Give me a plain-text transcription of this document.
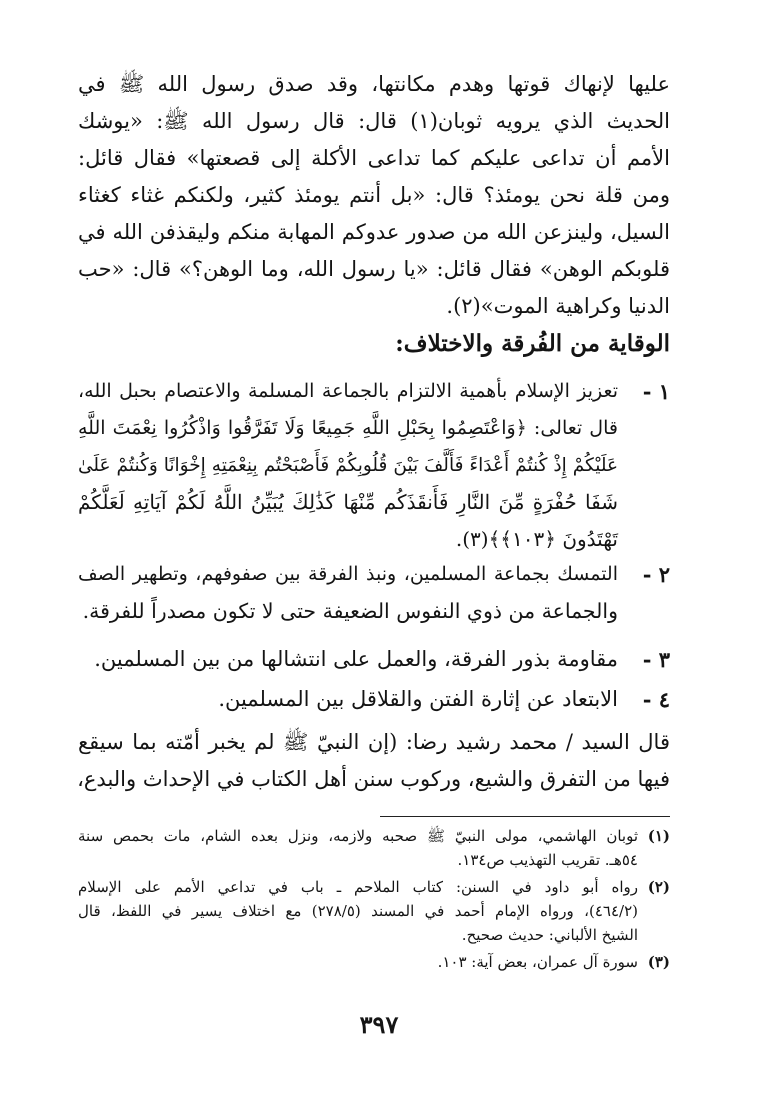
عليها لإنهاك قوتها وهدم مكانتها، وقد صدق رسول الله ﷺ في
الحديث الذي يرويه ثوبان(١) قال: قال رسول الله ﷺ: «يوشك
الأمم أن تداعى عليكم كما تداعى الأكلة إلى قصعتها» فقال قائل:
ومن قلة نحن يومئذ؟ قال: «بل أنتم يومئذ كثير، ولكنكم غثاء كغثاء
السيل، ولينزعن الله من صدور عدوكم المهابة منكم وليقذفن الله في
قلوبكم الوهن» فقال قائل: «يا رسول الله، وما الوهن؟» قال: «حب
الدنيا وكراهية الموت»(٢).
الوقاية من الفُرقة والاختلاف:
١ -
تعزيز الإسلام بأهمية الالتزام بالجماعة المسلمة والاعتصام بحبل الله،
قال تعالى: ﴿وَاعْتَصِمُوا بِحَبْلِ اللَّهِ جَمِيعًا وَلَا تَفَرَّقُوا وَاذْكُرُوا نِعْمَتَ اللَّهِ
عَلَيْكُمْ إِذْ كُنتُمْ أَعْدَاءً فَأَلَّفَ بَيْنَ قُلُوبِكُمْ فَأَصْبَحْتُم بِنِعْمَتِهِ إِخْوَانًا وَكُنتُمْ عَلَىٰ
شَفَا حُفْرَةٍ مِّنَ النَّارِ فَأَنقَذَكُم مِّنْهَا كَذَٰلِكَ يُبَيِّنُ اللَّهُ لَكُمْ آيَاتِهِ لَعَلَّكُمْ
تَهْتَدُونَ ﴿١٠٣﴾﴾(٣).
٢ -
التمسك بجماعة المسلمين، ونبذ الفرقة بين صفوفهم، وتطهير الصف
والجماعة من ذوي النفوس الضعيفة حتى لا تكون مصدراً للفرقة.
٣ -
مقاومة بذور الفرقة، والعمل على انتشالها من بين المسلمين.
٤ -
الابتعاد عن إثارة الفتن والقلاقل بين المسلمين.
قال السيد / محمد رشيد رضا: (إن النبيّ ﷺ لم يخبر أمّته بما سيقع
فيها من التفرق والشيع، وركوب سنن أهل الكتاب في الإحداث والبدع،
(١)
ثوبان الهاشمي، مولى النبيّ ﷺ صحبه ولازمه، ونزل بعده الشام، مات بحمص سنة
٥٤هـ. تقريب التهذيب ص١٣٤.
(٢)
رواه أبو داود في السنن: كتاب الملاحم ـ باب في تداعي الأمم على الإسلام
(٤٦٤/٢)، ورواه الإمام أحمد في المسند (٢٧٨/٥) مع اختلاف يسير في اللفظ، قال
الشيخ الألباني: حديث صحيح.
(٣)
سورة آل عمران، بعض آية: ١٠٣.
٣٩٧
